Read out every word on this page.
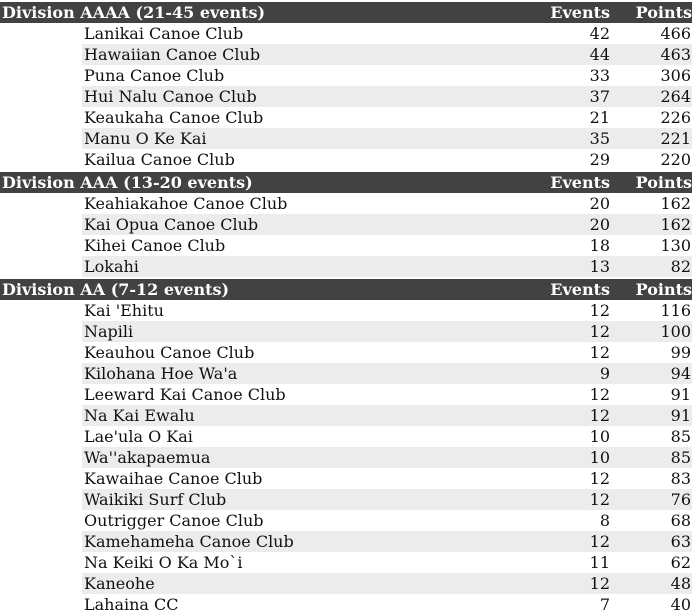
Division AAAA (21-45 events)		Events	Points
	Lanikai Canoe Club	42	466
	Hawaiian Canoe Club	44	463
	Puna Canoe Club	33	306
	Hui Nalu Canoe Club	37	264
	Keaukaha Canoe Club	21	226
	Manu O Ke Kai	35	221
	Kailua Canoe Club	29	220
Division AAA (13-20 events)		Events	Points
	Keahiakahoe Canoe Club	20	162
	Kai Opua Canoe Club	20	162
	Kihei Canoe Club	18	130
	Lokahi	13	82
Division AA (7-12 events)		Events	Points
	Kai 'Ehitu	12	116
	Napili	12	100
	Keauhou Canoe Club	12	99
	Kilohana Hoe Wa'a	9	94
	Leeward Kai Canoe Club	12	91
	Na Kai Ewalu	12	91
	Lae'ula O Kai	10	85
	Wa''akapaemua	10	85
	Kawaihae Canoe Club	12	83
	Waikiki Surf Club	12	76
	Outrigger Canoe Club	8	68
	Kamehameha Canoe Club	12	63
	Na Keiki O Ka Mo`i	11	62
	Kaneohe	12	48
	Lahaina CC	7	40
